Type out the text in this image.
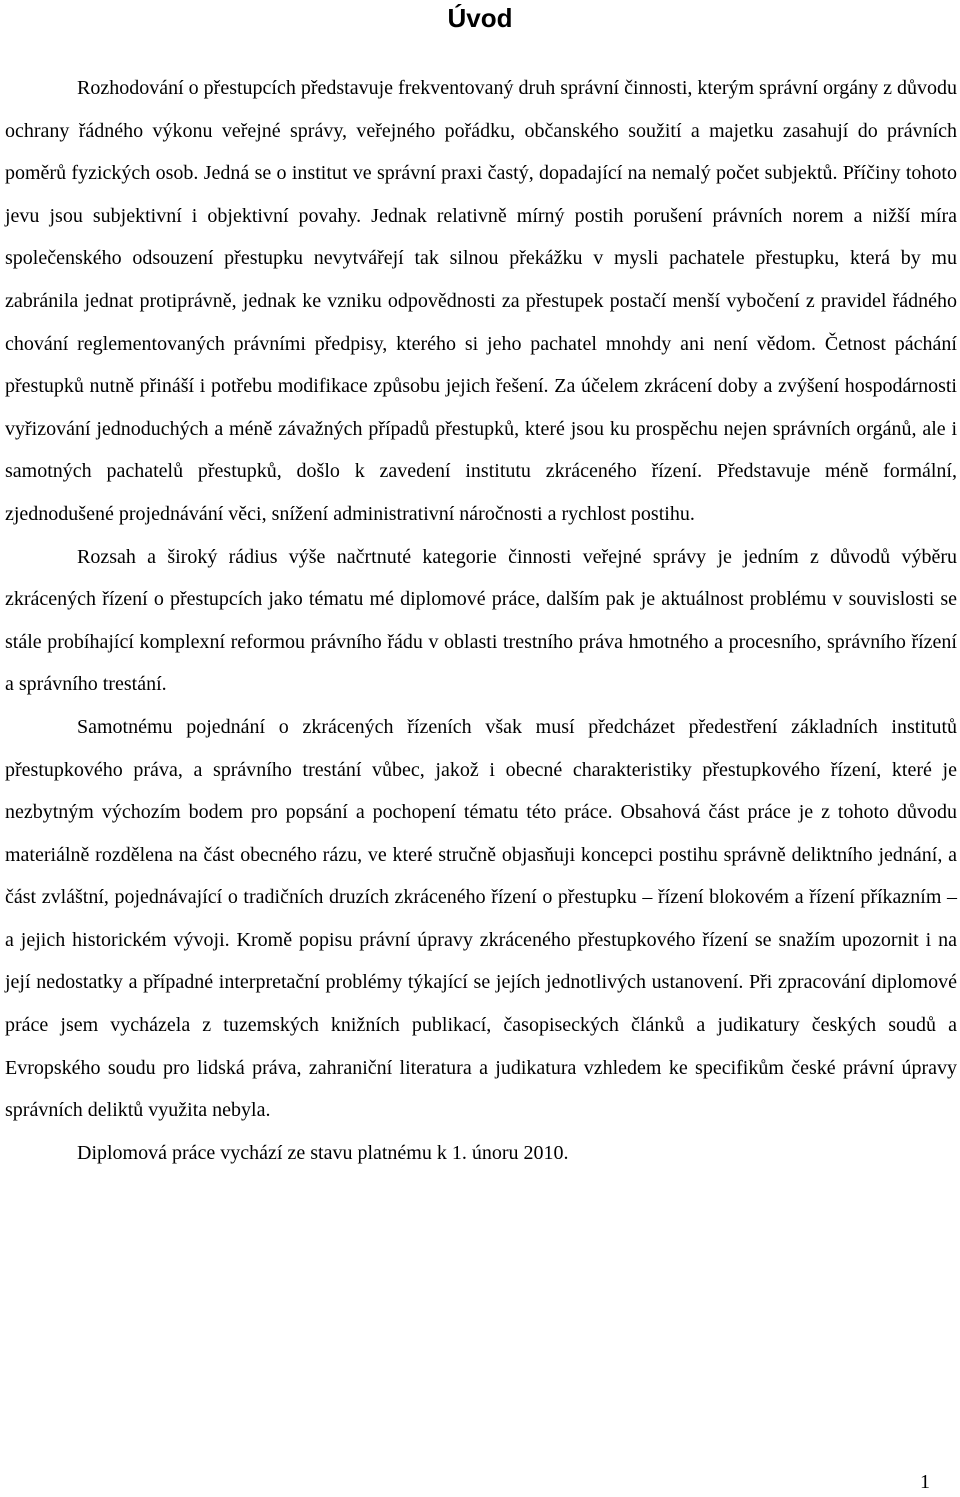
Úvod

Rozhodování o přestupcích představuje frekventovaný druh správní činnosti, kterým správní orgány z důvodu ochrany řádného výkonu veřejné správy, veřejného pořádku, občanského soužití a majetku zasahují do právních poměrů fyzických osob. Jedná se o institut ve správní praxi častý, dopadající na nemalý počet subjektů. Příčiny tohoto jevu jsou subjektivní i objektivní povahy. Jednak relativně mírný postih porušení právních norem a nižší míra společenského odsouzení přestupku nevytvářejí tak silnou překážku v mysli pachatele přestupku, která by mu zabránila jednat protiprávně, jednak ke vzniku odpovědnosti za přestupek postačí menší vybočení z pravidel řádného chování reglementovaných právními předpisy, kterého si jeho pachatel mnohdy ani není vědom. Četnost páchání přestupků nutně přináší i potřebu modifikace způsobu jejich řešení. Za účelem zkrácení doby a zvýšení hospodárnosti vyřizování jednoduchých a méně závažných případů přestupků, které jsou ku prospěchu nejen správních orgánů, ale i samotných pachatelů přestupků, došlo k zavedení institutu zkráceného řízení. Představuje méně formální, zjednodušené projednávání věci, snížení administrativní náročnosti a rychlost postihu.

Rozsah a široký rádius výše načrtnuté kategorie činnosti veřejné správy je jedním z důvodů výběru zkrácených řízení o přestupcích jako tématu mé diplomové práce, dalším pak je aktuálnost problému v souvislosti se stále probíhající komplexní reformou právního řádu v oblasti trestního práva hmotného a procesního, správního řízení a správního trestání.

Samotnému pojednání o zkrácených řízeních však musí předcházet předestření základních institutů přestupkového práva, a správního trestání vůbec, jakož i obecné charakteristiky přestupkového řízení, které je nezbytným výchozím bodem pro popsání a pochopení tématu této práce. Obsahová část práce je z tohoto důvodu materiálně rozdělena na část obecného rázu, ve které stručně objasňuji koncepci postihu správně deliktního jednání, a část zvláštní, pojednávající o tradičních druzích zkráceného řízení o přestupku – řízení blokovém a řízení příkazním – a jejich historickém vývoji. Kromě popisu právní úpravy zkráceného přestupkového řízení se snažím upozornit i na její nedostatky a případné interpretační problémy týkající se jejích jednotlivých ustanovení. Při zpracování diplomové práce jsem vycházela z tuzemských knižních publikací, časopiseckých článků a judikatury českých soudů a Evropského soudu pro lidská práva, zahraniční literatura a judikatura vzhledem ke specifikům české právní úpravy správních deliktů využita nebyla.

Diplomová práce vychází ze stavu platnému k 1. únoru 2010.

1
